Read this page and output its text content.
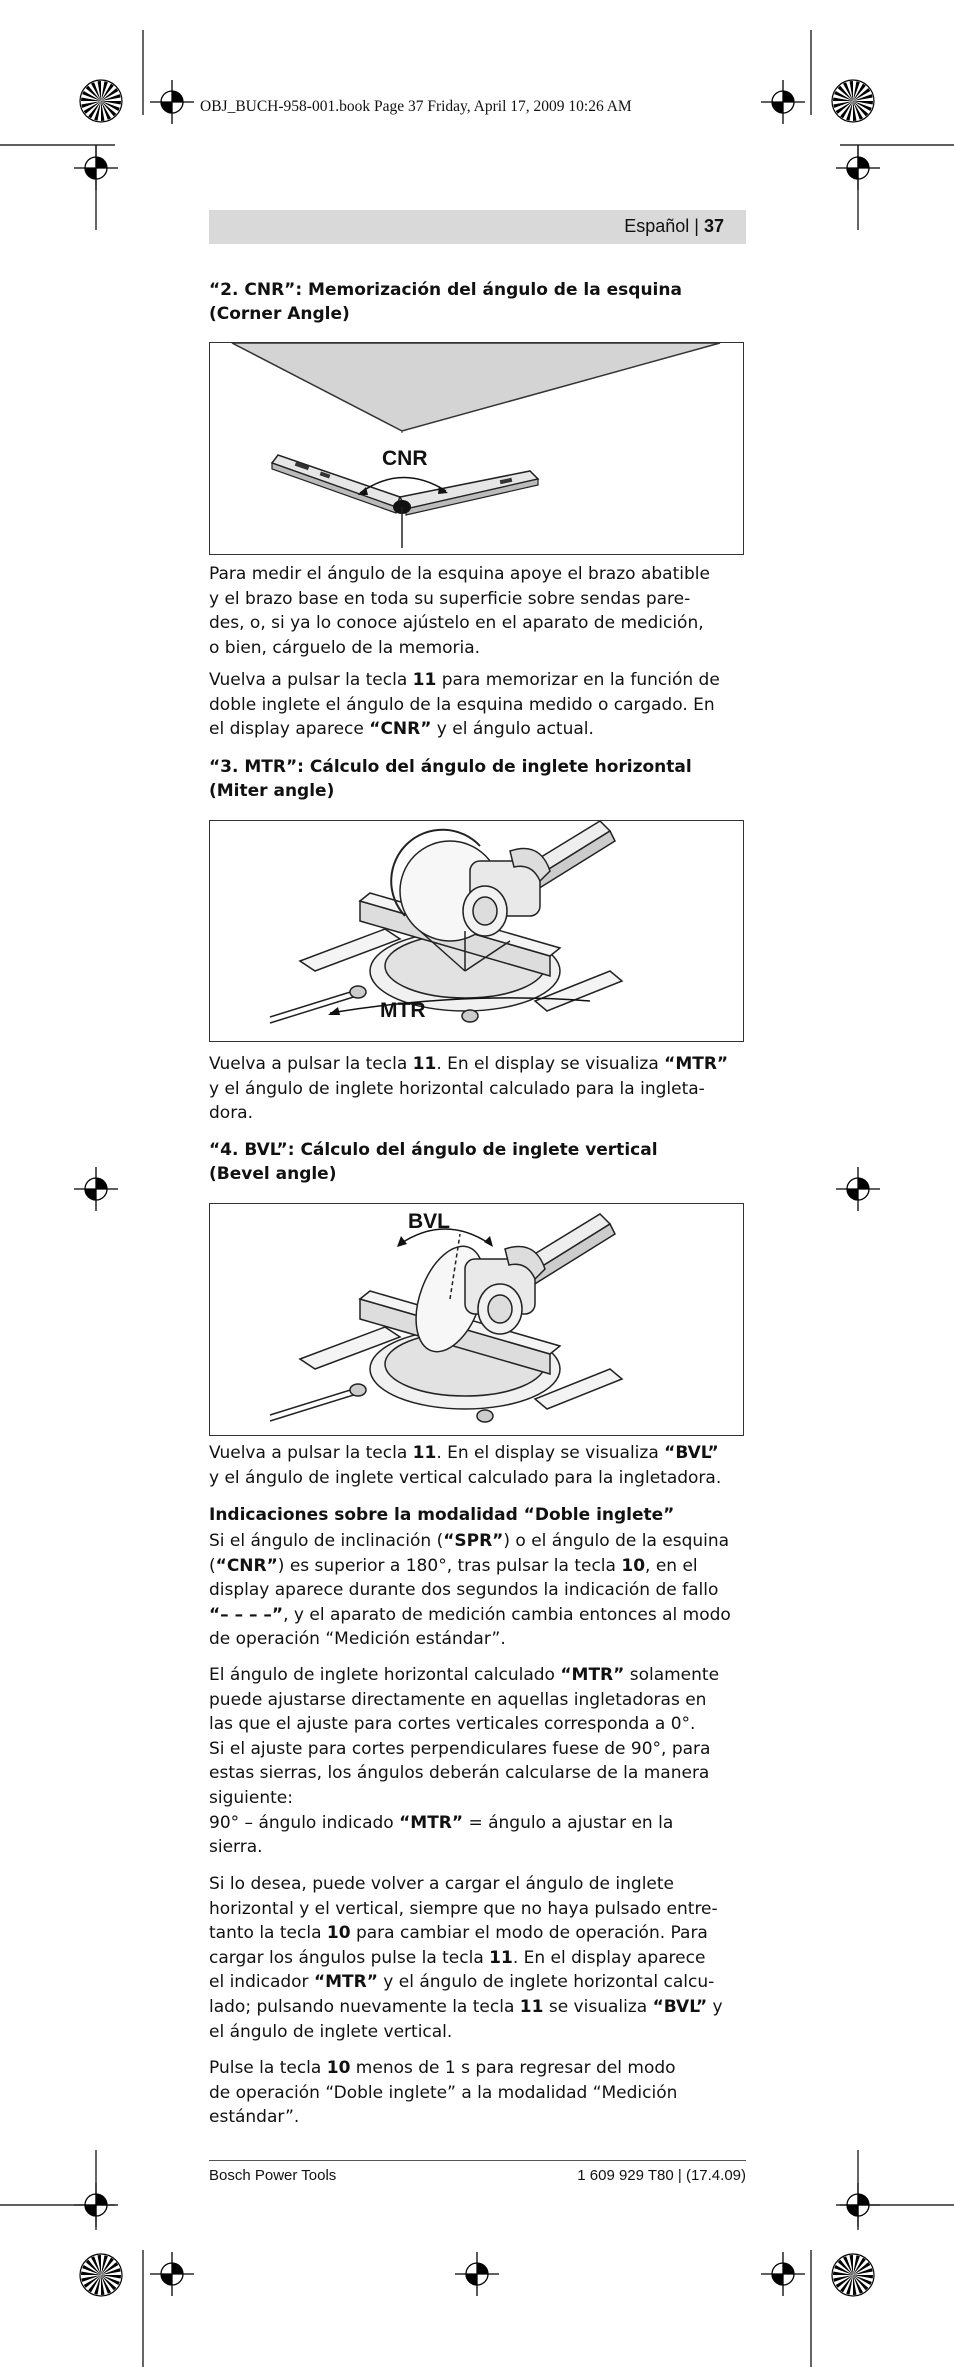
OBJ_BUCH-958-001.book Page 37 Friday, April 17, 2009 10:26 AM
Español | 37
“2. CNR”: Memorización del ángulo de la esquina
(Corner Angle)
CNR
Para medir el ángulo de la esquina apoye el brazo abatible
y el brazo base en toda su superficie sobre sendas pare-
des, o, si ya lo conoce ajústelo en el aparato de medición,
o bien, cárguelo de la memoria.
Vuelva a pulsar la tecla 11 para memorizar en la función de
doble inglete el ángulo de la esquina medido o cargado. En
el display aparece “CNR” y el ángulo actual.
“3. MTR”: Cálculo del ángulo de inglete horizontal
(Miter angle)
MTR
Vuelva a pulsar la tecla 11. En el display se visualiza “MTR”
y el ángulo de inglete horizontal calculado para la ingleta-
dora.
“4. BVL”: Cálculo del ángulo de inglete vertical
(Bevel angle)
BVL
Vuelva a pulsar la tecla 11. En el display se visualiza “BVL”
y el ángulo de inglete vertical calculado para la ingletadora.
Indicaciones sobre la modalidad “Doble inglete”
Si el ángulo de inclinación (“SPR”) o el ángulo de la esquina
(“CNR”) es superior a 180°, tras pulsar la tecla 10, en el
display aparece durante dos segundos la indicación de fallo
“– – – –”, y el aparato de medición cambia entonces al modo
de operación “Medición estándar”.
El ángulo de inglete horizontal calculado “MTR” solamente
puede ajustarse directamente en aquellas ingletadoras en
las que el ajuste para cortes verticales corresponda a 0°.
Si el ajuste para cortes perpendiculares fuese de 90°, para
estas sierras, los ángulos deberán calcularse de la manera
siguiente:
90° – ángulo indicado “MTR” = ángulo a ajustar en la
sierra.
Si lo desea, puede volver a cargar el ángulo de inglete
horizontal y el vertical, siempre que no haya pulsado entre-
tanto la tecla 10 para cambiar el modo de operación. Para
cargar los ángulos pulse la tecla 11. En el display aparece
el indicador “MTR” y el ángulo de inglete horizontal calcu-
lado; pulsando nuevamente la tecla 11 se visualiza “BVL” y
el ángulo de inglete vertical.
Pulse la tecla 10 menos de 1 s para regresar del modo
de operación “Doble inglete” a la modalidad “Medición
estándar”.
Bosch Power Tools	1 609 929 T80 | (17.4.09)
